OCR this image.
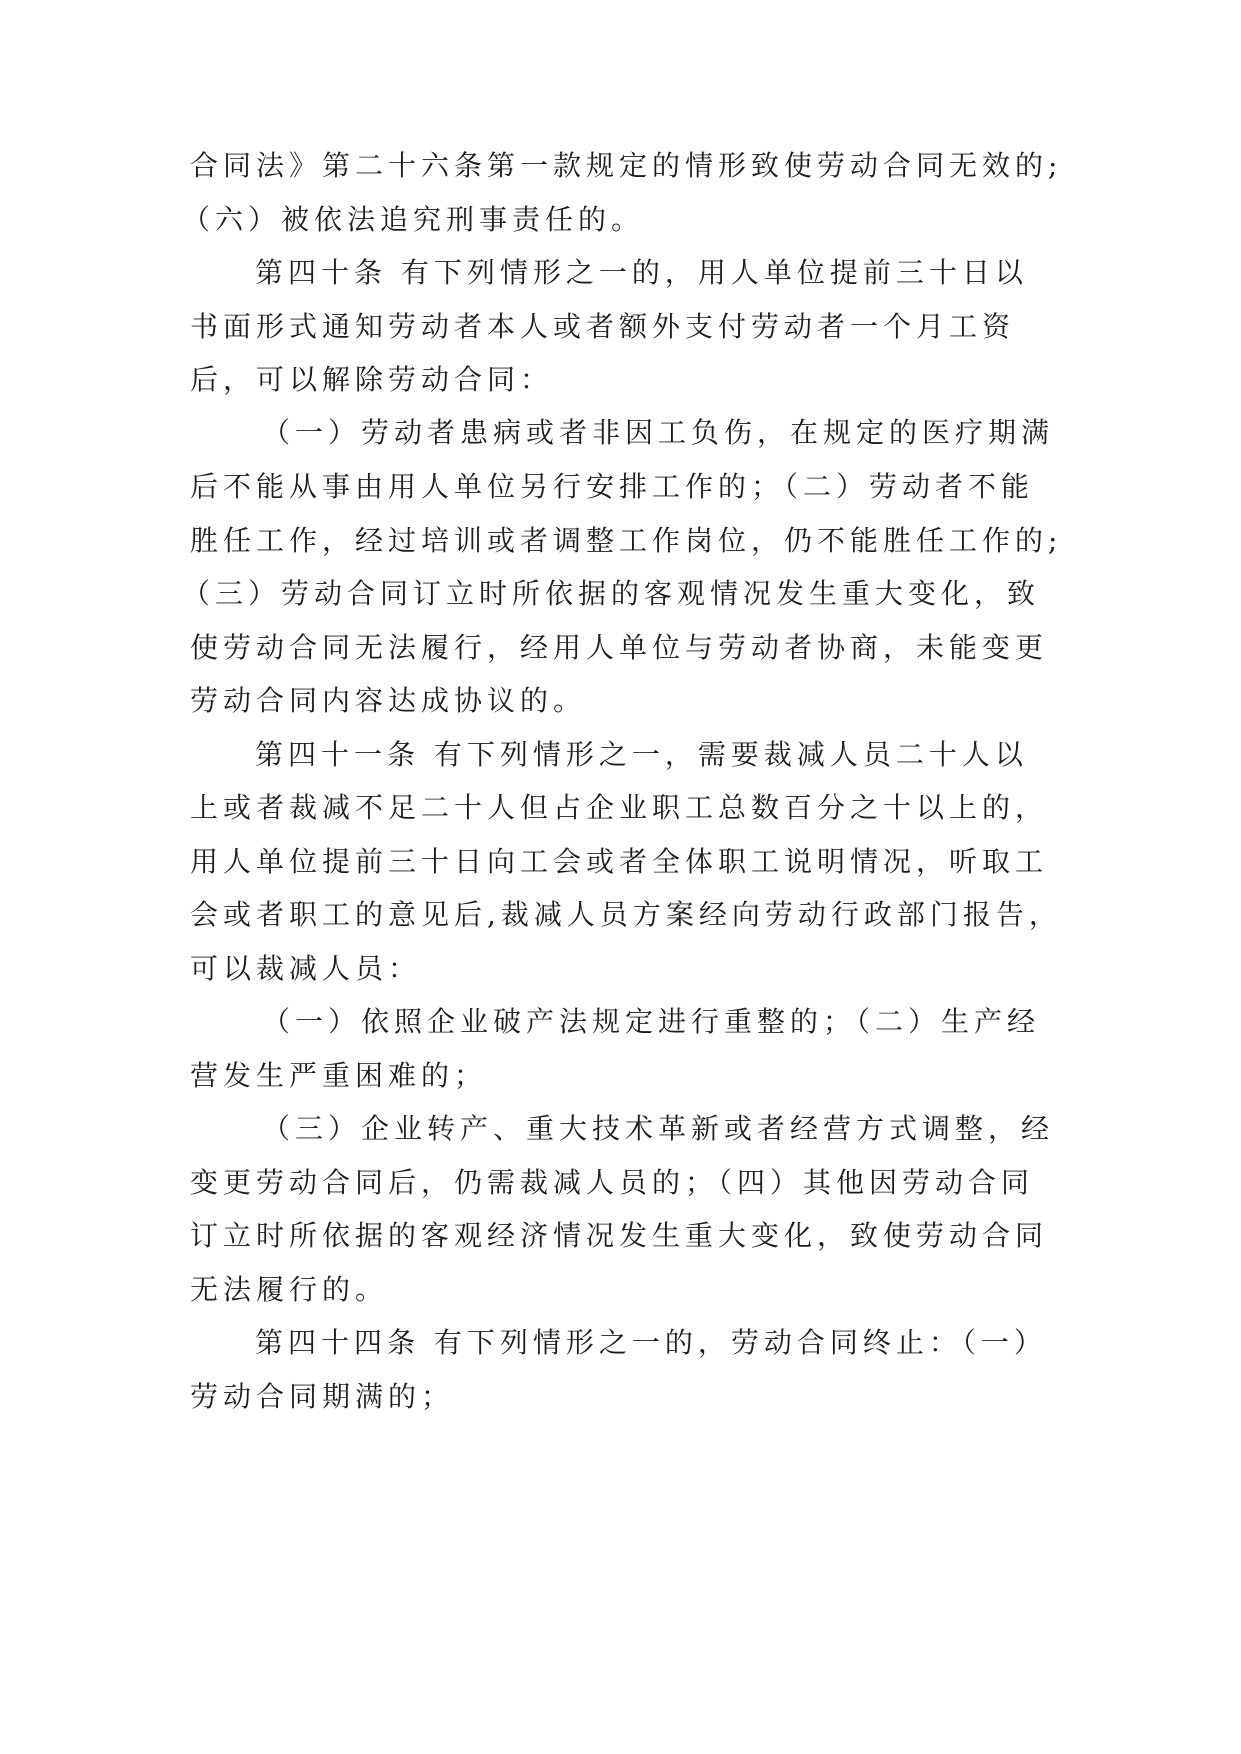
合同法》第二十六条第一款规定的情形致使劳动合同无效的;
（六）被依法追究刑事责任的。
第四十条 有下列情形之一的，用人单位提前三十日以
书面形式通知劳动者本人或者额外支付劳动者一个月工资
后，可以解除劳动合同：
（一）劳动者患病或者非因工负伤，在规定的医疗期满
后不能从事由用人单位另行安排工作的；（二）劳动者不能
胜任工作，经过培训或者调整工作岗位，仍不能胜任工作的;
（三）劳动合同订立时所依据的客观情况发生重大变化，致
使劳动合同无法履行，经用人单位与劳动者协商，未能变更
劳动合同内容达成协议的。
第四十一条 有下列情形之一，需要裁减人员二十人以
上或者裁减不足二十人但占企业职工总数百分之十以上的，
用人单位提前三十日向工会或者全体职工说明情况，听取工
会或者职工的意见后,裁减人员方案经向劳动行政部门报告，
可以裁减人员：
（一）依照企业破产法规定进行重整的；（二）生产经
营发生严重困难的；
（三）企业转产、重大技术革新或者经营方式调整，经
变更劳动合同后，仍需裁减人员的；（四）其他因劳动合同
订立时所依据的客观经济情况发生重大变化，致使劳动合同
无法履行的。
第四十四条 有下列情形之一的，劳动合同终止：（一）
劳动合同期满的；
